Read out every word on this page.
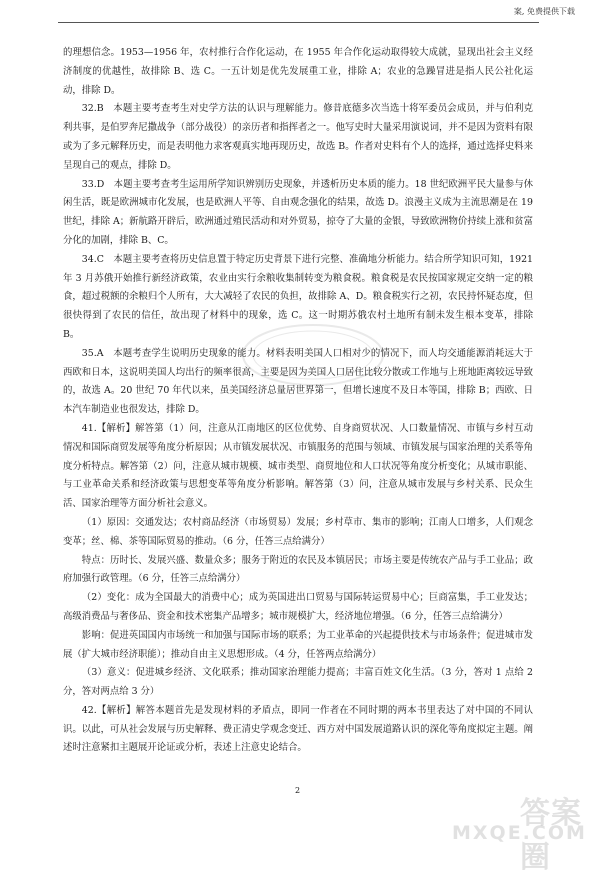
案, 免费提供下载

的理想信念。1953—1956 年，农村推行合作化运动，在 1955 年合作化运动取得较大成就，显现出社会主义经济制度的优越性，故排除 B、选 C。一五计划是优先发展重工业，排除 A；农业的急躁冒进是指人民公社化运动，排除 D。

32.B　本题主要考查考生对史学方法的认识与理解能力。修昔底德多次当选十将军委员会成员，并与伯利克利共事，是伯罗奔尼撒战争（部分战役）的亲历者和指挥者之一。他写史时大量采用演说词，并不是因为资料有限或为了多元解释历史，而是表明他力求客观真实地再现历史，故选 B。作者对史料有个人的选择，通过选择史料来呈现自己的观点，排除 D。

33.D　本题主要考查考生运用所学知识辨别历史现象，并透析历史本质的能力。18 世纪欧洲平民大量参与休闲生活，既是欧洲城市化发展，也是欧洲人平等、自由观念强化的结果，故选 D。浪漫主义成为主流思潮是在 19 世纪，排除 A；新航路开辟后，欧洲通过殖民活动和对外贸易，掠夺了大量的金银，导致欧洲物价持续上涨和贫富分化的加剧，排除 B、C。

34.C　本题主要考查将历史信息置于特定历史背景下进行完整、准确地分析能力。结合所学知识可知，1921 年 3 月苏俄开始推行新经济政策，农业由实行余粮收集制转变为粮食税。粮食税是农民按国家规定交纳一定的粮食，超过税额的余粮归个人所有，大大减轻了农民的负担，故排除 A、D。粮食税实行之初，农民持怀疑态度，但很快得到了农民的信任，故出现了材料中的现象，选 C。这一时期苏俄农村土地所有制未发生根本变革，排除 B。

35.A　本题考查学生说明历史现象的能力。材料表明美国人口相对少的情况下，而人均交通能源消耗远大于西欧和日本，这说明美国人均出行的频率很高，主要是因为美国人口居住比较分散或工作地与上班地距离较远导致的，故选 A。20 世纪 70 年代以来，虽美国经济总量居世界第一，但增长速度不及日本等国，排除 B；西欧、日本汽车制造业也很发达，排除 D。

41.【解析】解答第（1）问，注意从江南地区的区位优势、自身商贸状况、人口数量情况、市镇与乡村互动情况和国际商贸发展等角度分析原因；从市镇发展状况、市镇服务的范围与领域、市镇发展与国家治理的关系等角度分析特点。解答第（2）问，注意从城市规模、城市类型、商贸地位和人口状况等角度分析变化；从城市职能、与工业革命关系和经济政策与思想变革等角度分析影响。解答第（3）问，注意从城市发展与乡村关系、民众生活、国家治理等方面分析社会意义。

（1）原因：交通发达；农村商品经济（市场贸易）发展；乡村草市、集市的影响；江南人口增多，人们观念变革；丝、棉、茶等国际贸易的推动。（6 分，任答三点给满分）

特点：历时长、发展兴盛、数量众多；服务于附近的农民及本镇居民；市场主要是传统农产品与手工业品；政府加强行政管理。（6 分，任答三点给满分）

（2）变化：成为全国最大的消费中心；成为英国进出口贸易与国际转运贸易中心；巨商富集，手工业发达；高级消费品与奢侈品、资金和技术密集产品增多；城市规模扩大，经济地位增强。（6 分，任答三点给满分）

影响：促进英国国内市场统一和加强与国际市场的联系；为工业革命的兴起提供技术与市场条件；促进城市发展（扩大城市经济职能）；推动自由主义思想形成。（4 分，任答两点给满分）

（3）意义：促进城乡经济、文化联系；推动国家治理能力提高；丰富百姓文化生活。（3 分，答对 1 点给 2 分，答对两点给 3 分）

42.【解析】解答本题首先是发现材料的矛盾点，即同一作者在不同时期的两本书里表达了对中国的不同认识。以此，可从社会发展与历史解释、费正清史学观念变迁、西方对中国发展道路认识的深化等角度拟定主题。阐述时注意紧扣主题展开论证或分析，表述上注意史论结合。

2
答案圈
MXQE.COM
